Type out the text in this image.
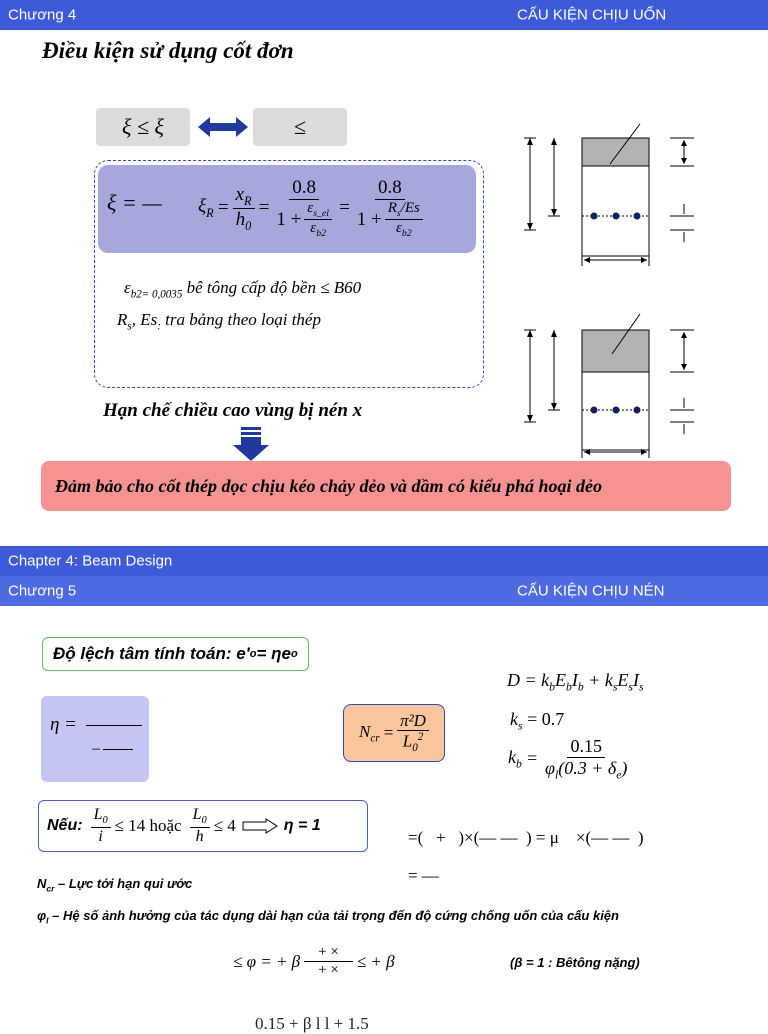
Chương 4	CẤU KIỆN CHỊU UỐN
Điều kiện sử dụng cốt đơn
ξ ≤ ξ	≤
ξ = — $\xi_R = \frac{x_R}{h_0} = \frac{0.8}{1 + \frac{\varepsilon_{s\_el}}{\varepsilon_{b2}}} = \frac{0.8}{1 + \frac{R_s/Es}{\varepsilon_{b2}}}$
$\varepsilon_{b2= 0,0035}$ bê tông cấp độ bền ≤ B60
$R_s$, $Es_:$ tra bảng theo loại thép
Hạn chế chiều cao vùng bị nén x
Đảm bảo cho cốt thép dọc chịu kéo chảy dẻo và dầm có kiểu phá hoại dẻo
Chapter 4: Beam Design
Chương 5	CẤU KIỆN CHỊU NÉN
Độ lệch tâm tính toán: e' o = ηe o
η =
–
$N_{cr} = \frac{\text{π²D}}{L_0^2}$
$D = k_bE_bI_b + k_sE_sI_s$
$k_s = 0.7$
$k_b = \frac{0.15}{\varphi_l(0.3 + \delta_e)}$
Nếu: $\frac{L_0}{i} \le 14$ hoặc $\frac{L_0}{h} \le 4$	η = 1
=(   +   )×(— —  ) = μ    ×(— —  )
= —
$N_{cr}$ – Lực tới hạn qui ước
$\varphi_l$ – Hệ số ảnh hưởng của tác dụng dài hạn của tải trọng đến độ cứng chống uốn của cấu kiện
≤ φ = + β $\frac{+ \times}{+ \times}$ ≤ + β	(β = 1 : Bêtông nặng)
0.15 + β l l + 1.5
